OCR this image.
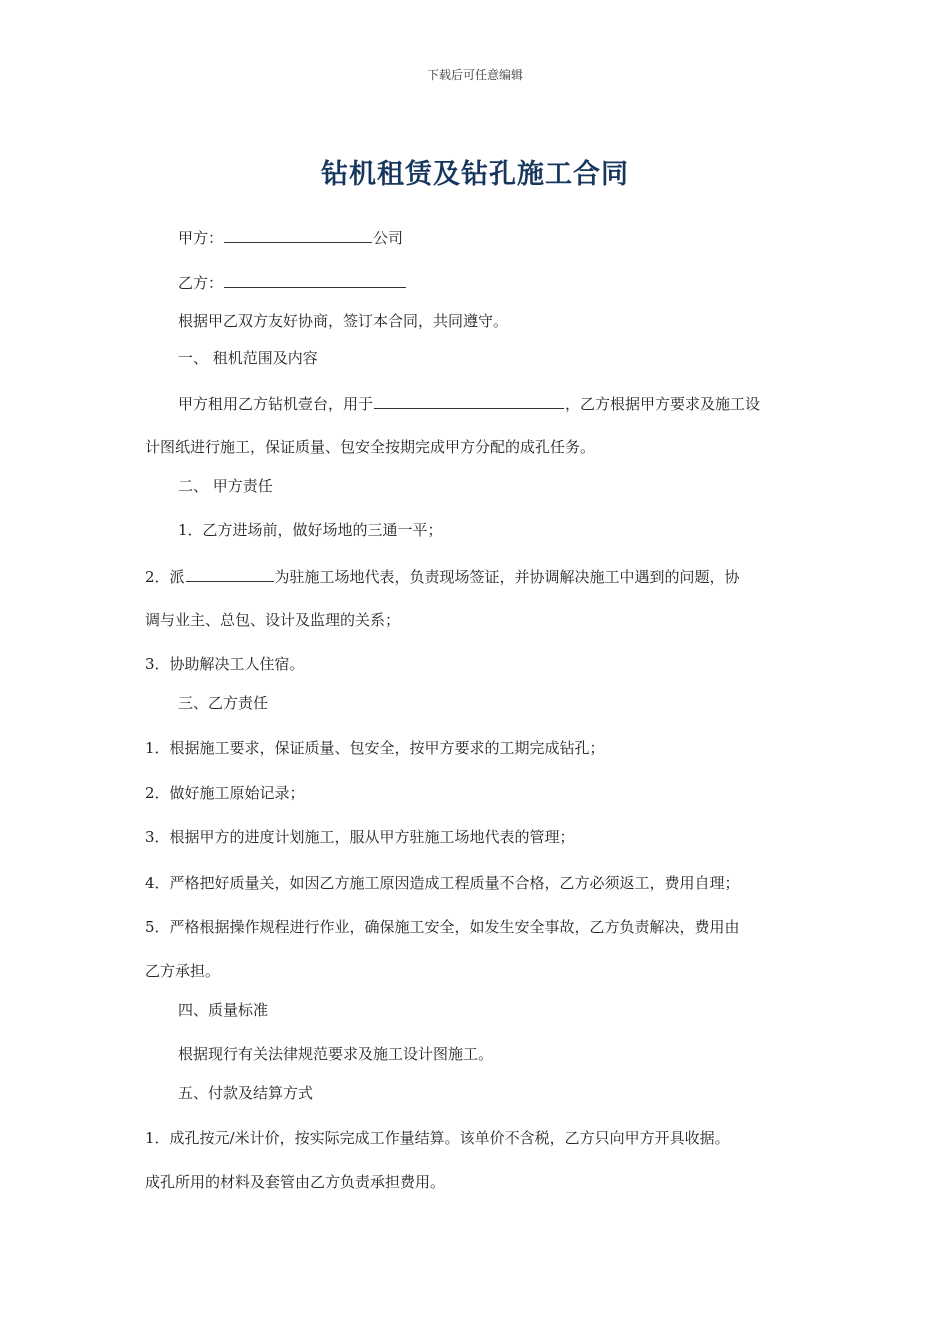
下载后可任意编辑
钻机租赁及钻孔施工合同
甲方：	公司
乙方：
根据甲乙双方友好协商，签订本合同，共同遵守。
一、 租机范围及内容
甲方租用乙方钻机壹台，用于	，乙方根据甲方要求及施工设
计图纸进行施工，保证质量、包安全按期完成甲方分配的成孔任务。
二、 甲方责任
1．乙方进场前，做好场地的三通一平；
2．派	为驻施工场地代表，负责现场签证，并协调解决施工中遇到的问题，协
调与业主、总包、设计及监理的关系；
3．协助解决工人住宿。
三、乙方责任
1．根据施工要求，保证质量、包安全，按甲方要求的工期完成钻孔；
2．做好施工原始记录；
3．根据甲方的进度计划施工，服从甲方驻施工场地代表的管理；
4．严格把好质量关，如因乙方施工原因造成工程质量不合格，乙方必须返工，费用自理；
5．严格根据操作规程进行作业，确保施工安全，如发生安全事故，乙方负责解决，费用由
乙方承担。
四、质量标准
根据现行有关法律规范要求及施工设计图施工。
五、付款及结算方式
1．成孔按元/米计价，按实际完成工作量结算。该单价不含税，乙方只向甲方开具收据。
成孔所用的材料及套管由乙方负责承担费用。
